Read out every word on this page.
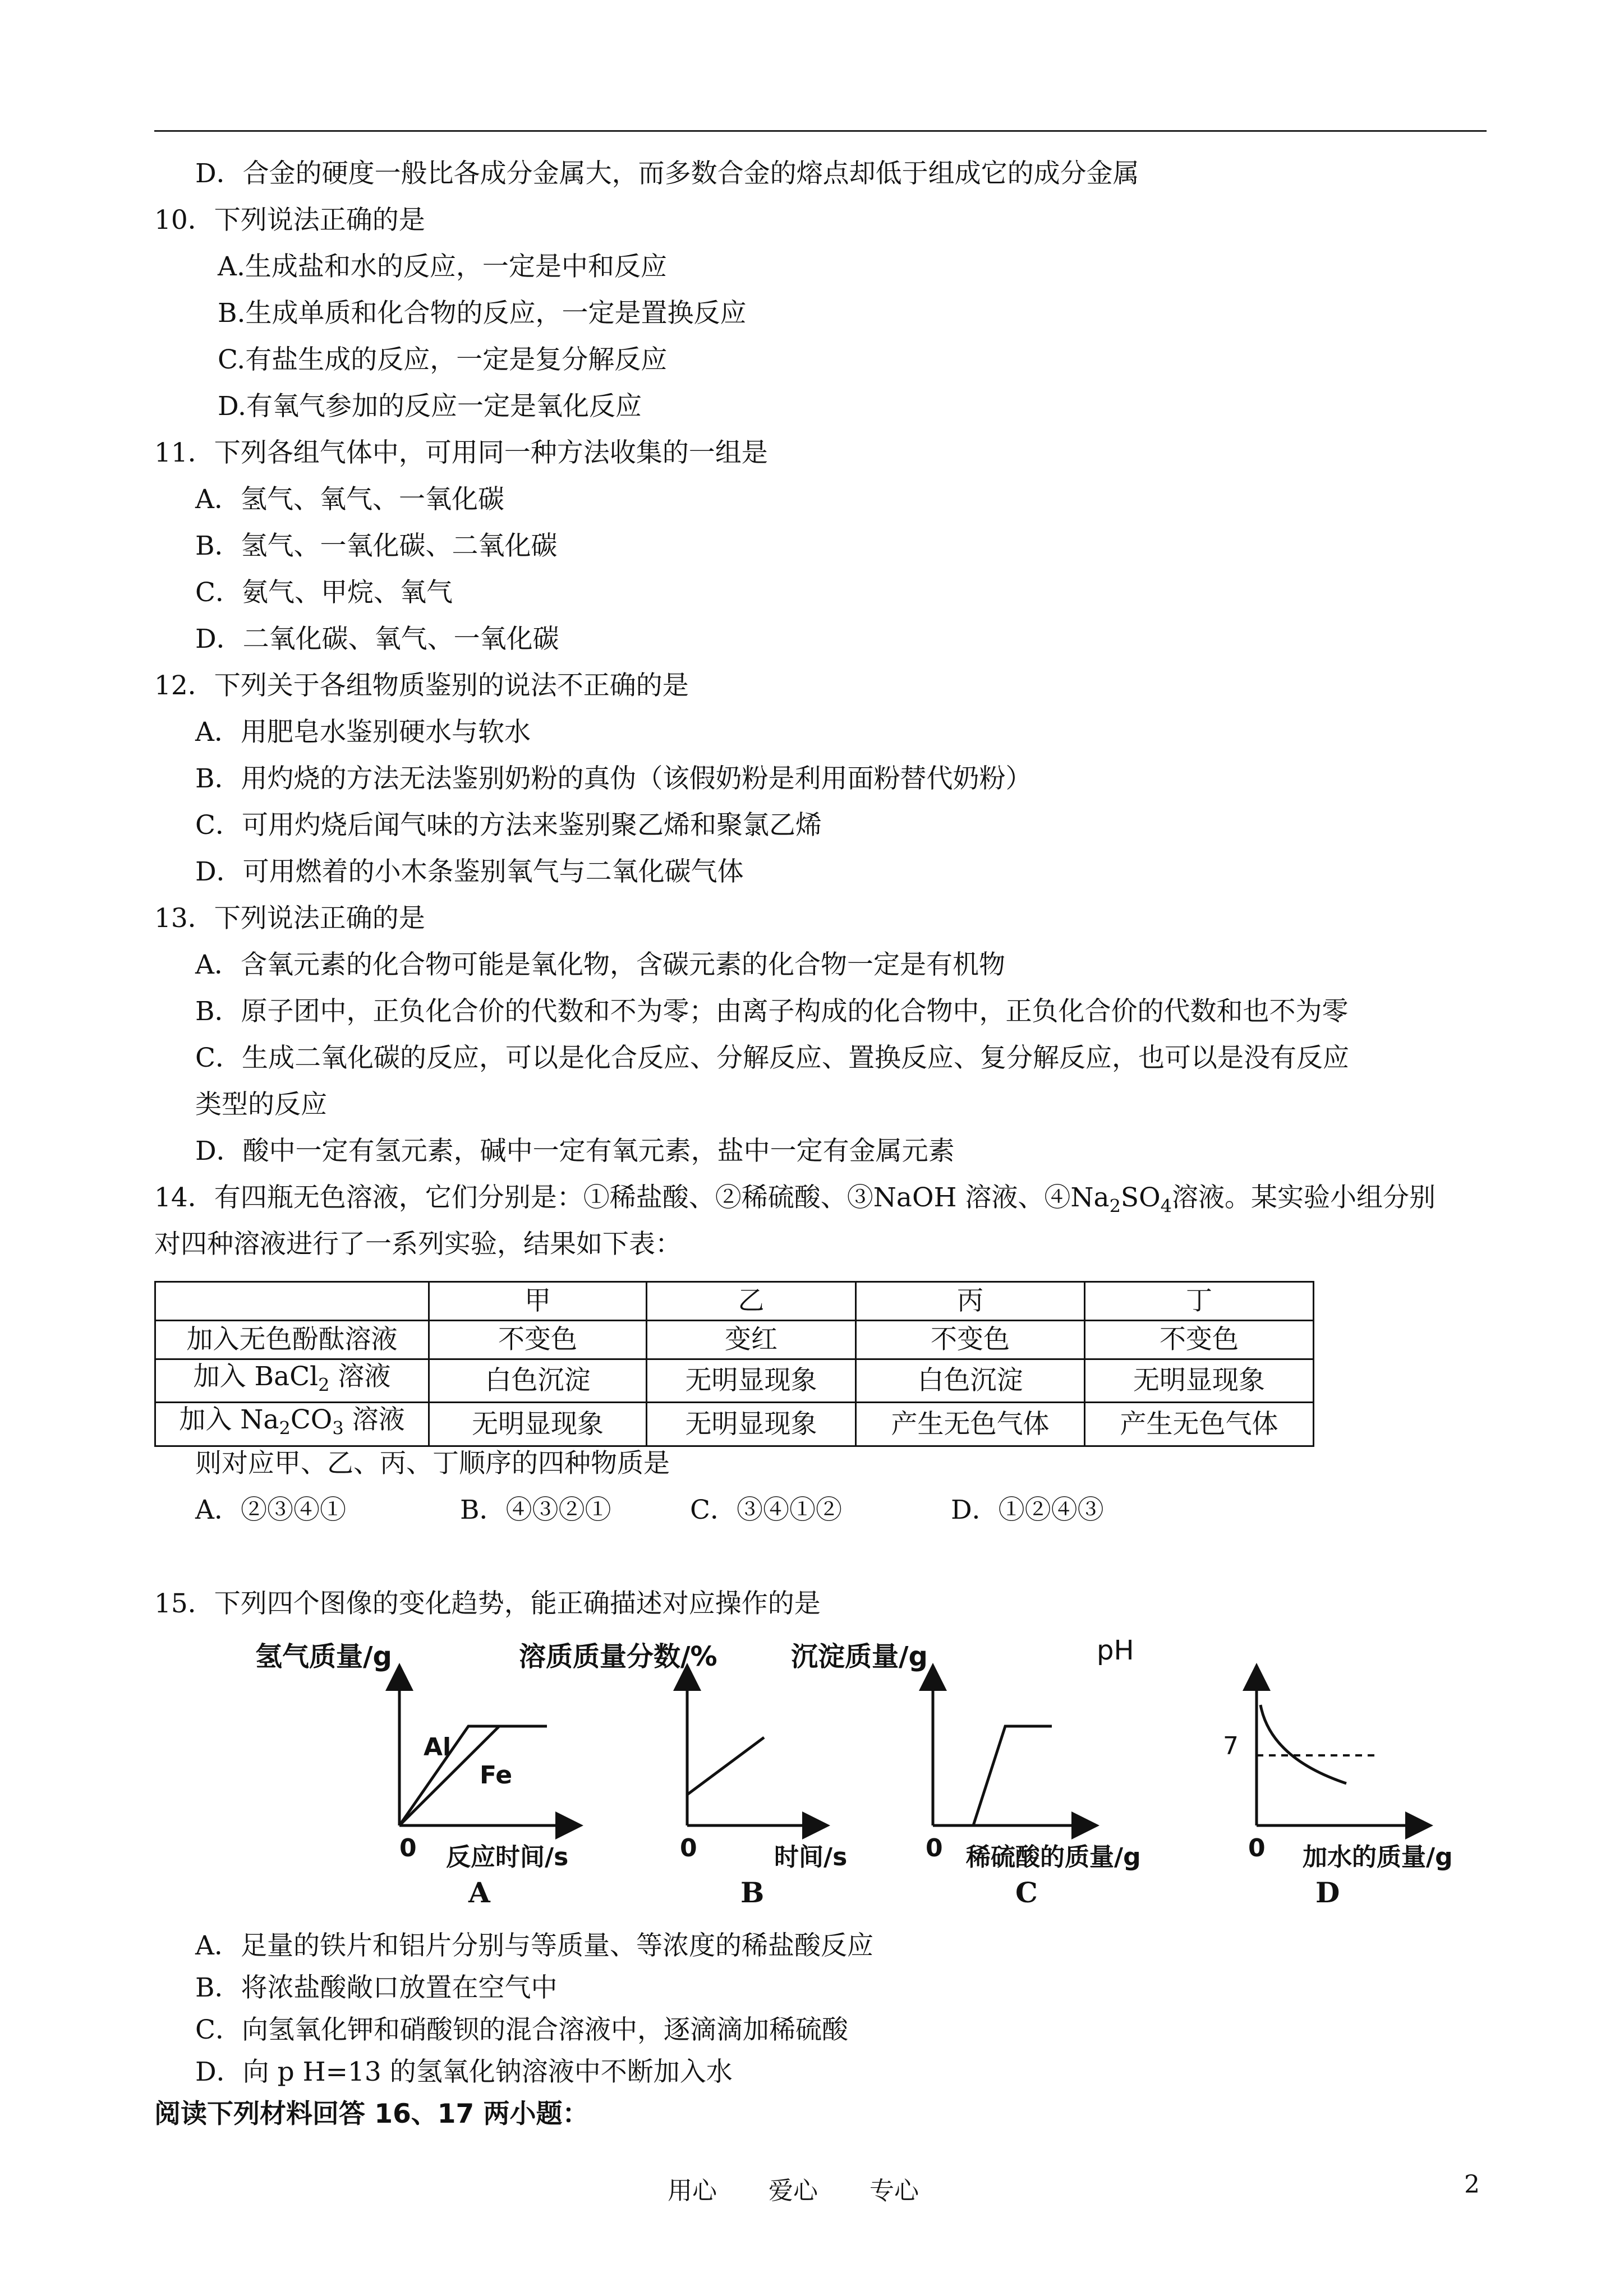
D．合金的硬度一般比各成分金属大，而多数合金的熔点却低于组成它的成分金属
10．下列说法正确的是
A.生成盐和水的反应，一定是中和反应
B.生成单质和化合物的反应，一定是置换反应
C.有盐生成的反应，一定是复分解反应
D.有氧气参加的反应一定是氧化反应
11．下列各组气体中，可用同一种方法收集的一组是
A．氢气、氧气、一氧化碳
B．氢气、一氧化碳、二氧化碳
C．氨气、甲烷、氧气
D．二氧化碳、氧气、一氧化碳
12．下列关于各组物质鉴别的说法不正确的是
A．用肥皂水鉴别硬水与软水
B．用灼烧的方法无法鉴别奶粉的真伪（该假奶粉是利用面粉替代奶粉）
C．可用灼烧后闻气味的方法来鉴别聚乙烯和聚氯乙烯
D．可用燃着的小木条鉴别氧气与二氧化碳气体
13．下列说法正确的是
A．含氧元素的化合物可能是氧化物，含碳元素的化合物一定是有机物
B．原子团中，正负化合价的代数和不为零；由离子构成的化合物中，正负化合价的代数和也不为零
C．生成二氧化碳的反应，可以是化合反应、分解反应、置换反应、复分解反应，也可以是没有反应
类型的反应
D．酸中一定有氢元素，碱中一定有氧元素，盐中一定有金属元素
14．有四瓶无色溶液，它们分别是：①稀盐酸、②稀硫酸、③NaOH 溶液、$④Na_2SO_4$溶液。某实验小组分别
对四种溶液进行了一系列实验，结果如下表：
	甲	乙	丙	丁
加入无色酚酞溶液	不变色	变红	不变色	不变色
加入 BaCl$_2$ 溶液	白色沉淀	无明显现象	白色沉淀	无明显现象
加入 $Na_2CO_3$ 溶液	无明显现象	无明显现象	产生无色气体	产生无色气体
则对应甲、乙、丙、丁顺序的四种物质是
A．②③④①	B．④③②①	C．③④①②	D．①②④③
15．下列四个图像的变化趋势，能正确描述对应操作的是
氢气质量/g	溶质质量分数/%	沉淀质量/g	pH
Al
Fe
7
0 反应时间/s	0	时间/s	0 稀硫酸的质量/g	0 加水的质量/g
A	B	C	D
A．足量的铁片和铝片分别与等质量、等浓度的稀盐酸反应
B．将浓盐酸敞口放置在空气中
C．向氢氧化钾和硝酸钡的混合溶液中，逐滴滴加稀硫酸
D．向 p H=13 的氢氧化钠溶液中不断加入水
阅读下列材料回答 16、17 两小题：
用心 爱心 专心	2
